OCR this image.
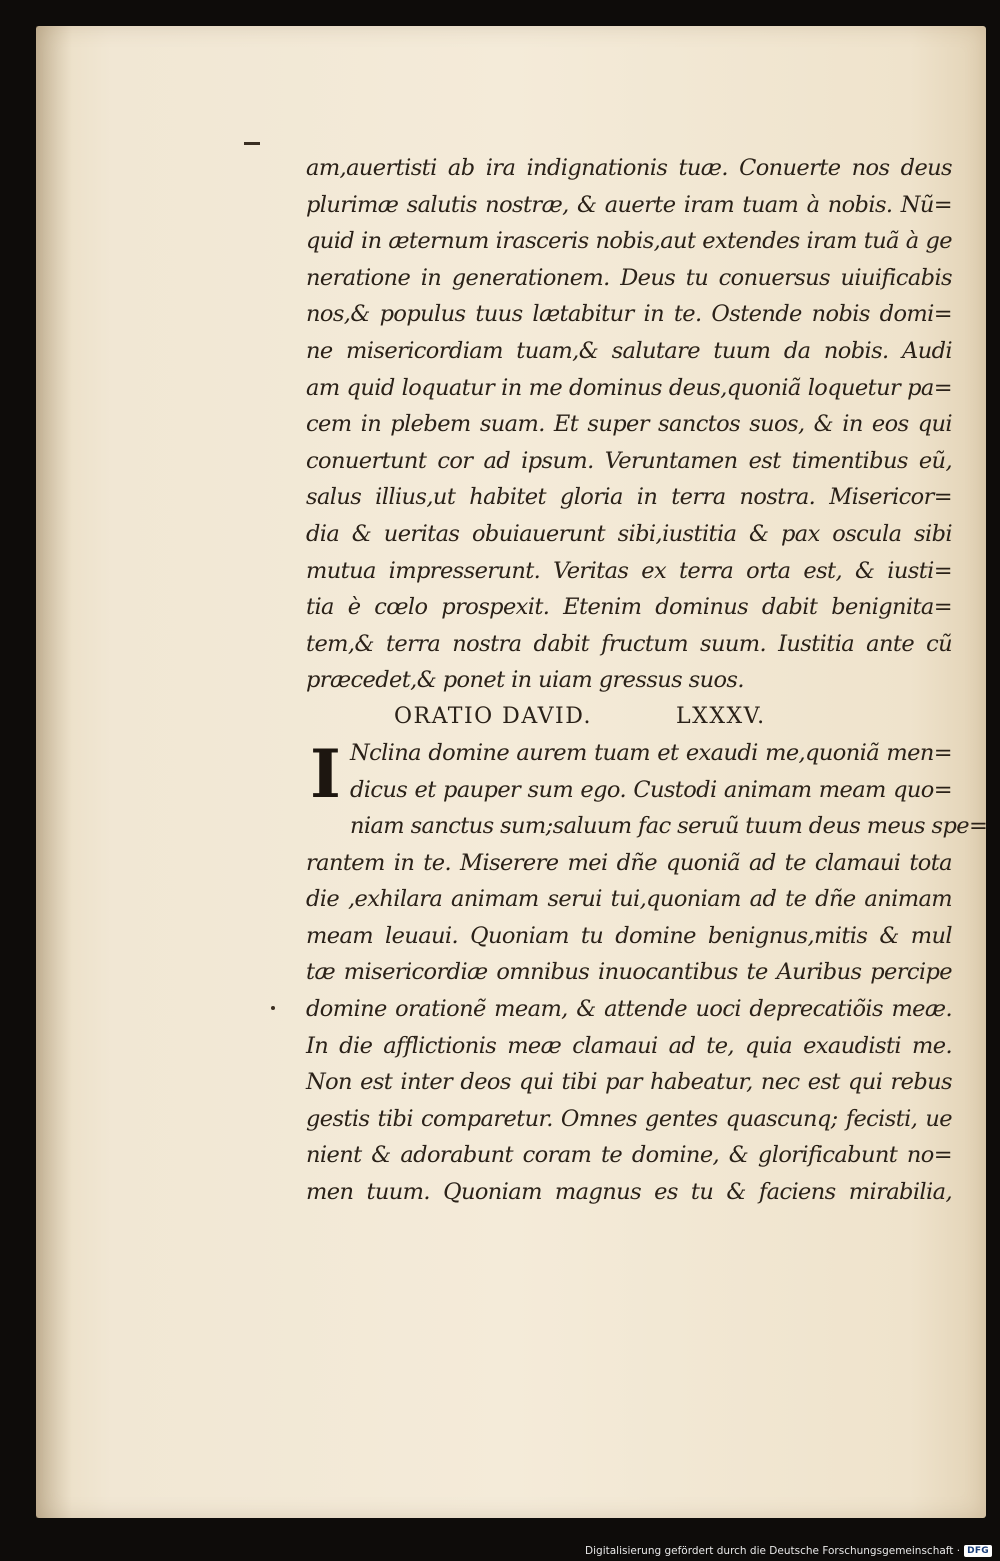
am,auertisti ab ira indignationis tuæ. Conuerte nos deus
plurimæ salutis nostræ, & auerte iram tuam à nobis. Nũ=
quid in æternum irasceris nobis,aut extendes iram tuã à ge
neratione in generationem. Deus tu conuersus uiuificabis
nos,& populus tuus lætabitur in te. Ostende nobis domi=
ne misericordiam tuam,& salutare tuum da nobis. Audi
am quid loquatur in me dominus deus,quoniã loquetur pa=
cem in plebem suam. Et super sanctos suos, & in eos qui
conuertunt cor ad ipsum. Veruntamen est timentibus eũ,
salus illius,ut habitet gloria in terra nostra. Misericor=
dia & ueritas obuiauerunt sibi,iustitia & pax oscula sibi
mutua impresserunt. Veritas ex terra orta est, & iusti=
tia è cœlo prospexit. Etenim dominus dabit benignita=
tem,& terra nostra dabit fructum suum. Iustitia ante cũ
præcedet,& ponet in uiam gressus suos.
ORATIO DAVID.	LXXXV.
I Nclina domine aurem tuam et exaudi me,quoniã men=
dicus et pauper sum ego. Custodi animam meam quo=
niam sanctus sum;saluum fac seruũ tuum deus meus spe=
rantem in te. Miserere mei dñe quoniã ad te clamaui tota
die ,exhilara animam serui tui,quoniam ad te dñe animam
meam leuaui. Quoniam tu domine benignus,mitis & mul
tæ misericordiæ omnibus inuocantibus te Auribus percipe
domine orationẽ meam, & attende uoci deprecatiõis meæ.
In die afflictionis meæ clamaui ad te, quia exaudisti me.
Non est inter deos qui tibi par habeatur, nec est qui rebus
gestis tibi comparetur. Omnes gentes quascunq; fecisti, ue
nient & adorabunt coram te domine, & glorificabunt no=
men tuum. Quoniam magnus es tu & faciens mirabilia,
Digitalisierung gefördert durch die Deutsche Forschungsgemeinschaft · DFG
